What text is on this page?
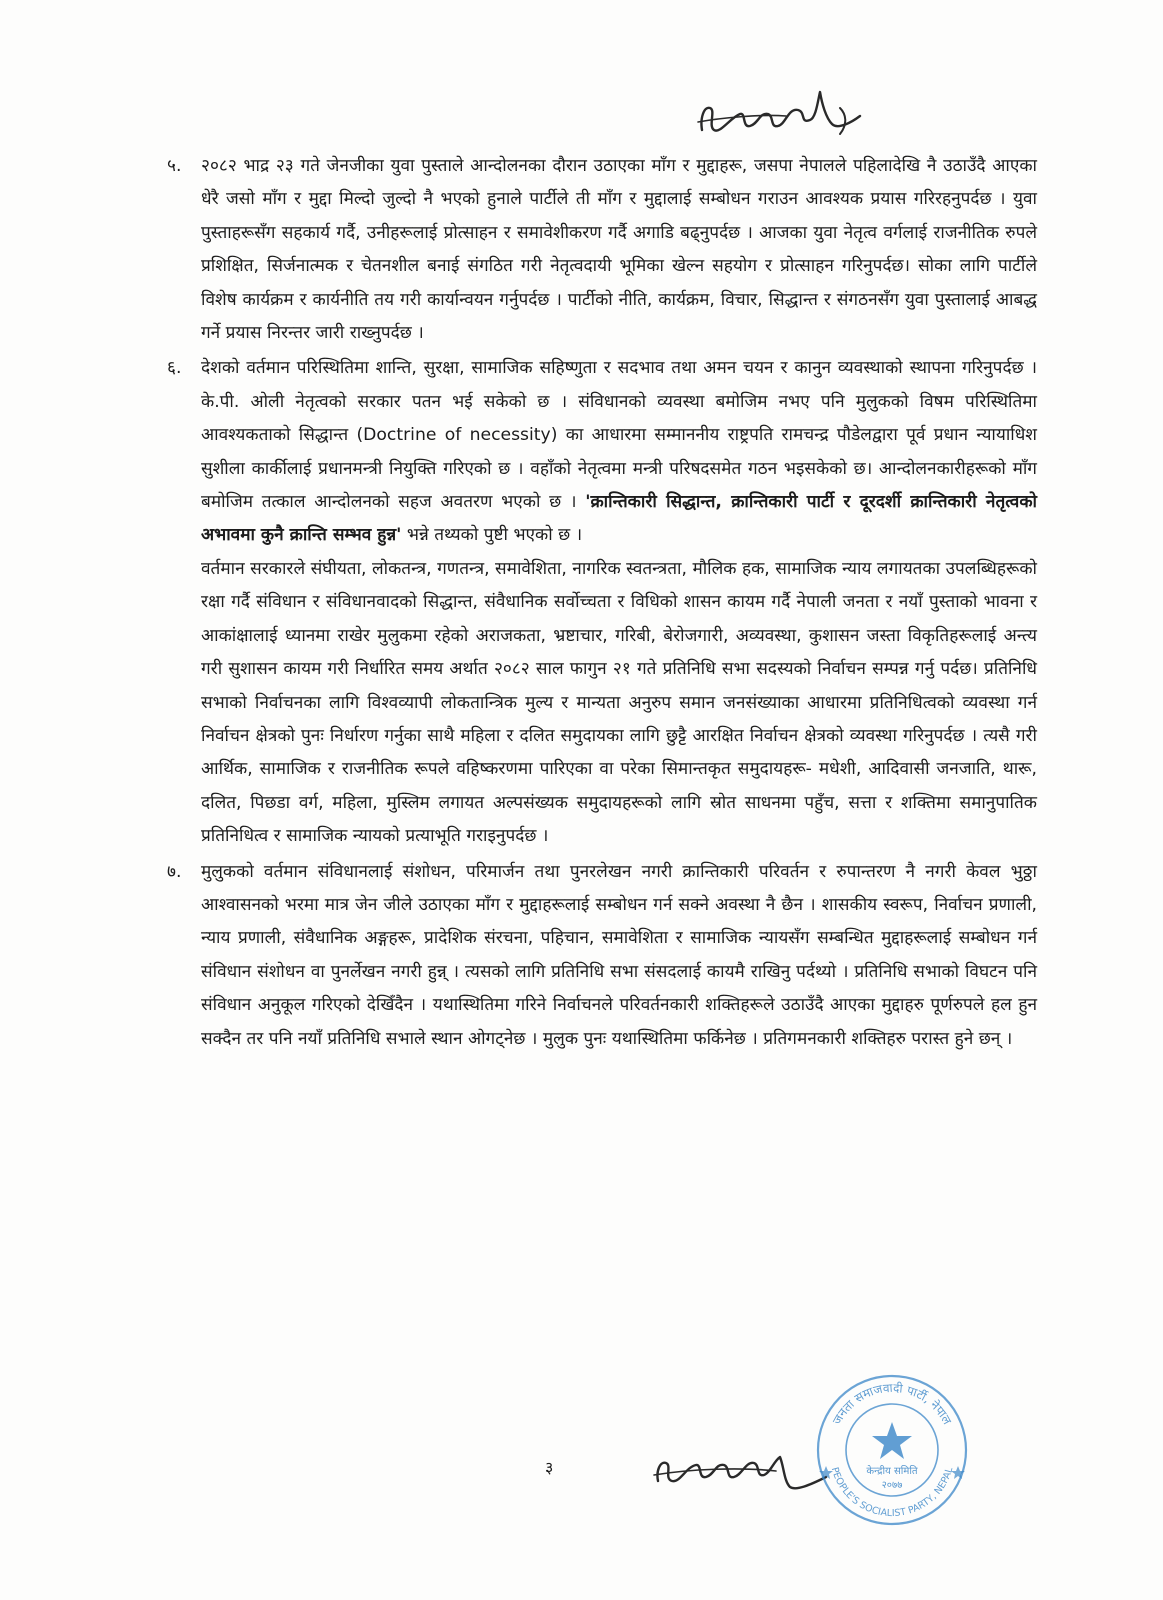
५.	२०८२ भाद्र २३ गते जेनजीका युवा पुस्ताले आन्दोलनका दौरान उठाएका माँग र मुद्दाहरू, जसपा नेपालले पहिलादेखि नै उठाउँदै आएका धेरै जसो माँग र मुद्दा मिल्दो जुल्दो नै भएको हुनाले पार्टीले ती माँग र मुद्दालाई सम्बोधन गराउन आवश्यक प्रयास गरिरहनुपर्दछ । युवा पुस्ताहरूसँग सहकार्य गर्दै, उनीहरूलाई प्रोत्साहन र समावेशीकरण गर्दै अगाडि बढ्नुपर्दछ । आजका युवा नेतृत्व वर्गलाई राजनीतिक रुपले प्रशिक्षित, सिर्जनात्मक र चेतनशील बनाई संगठित गरी नेतृत्वदायी भूमिका खेल्न सहयोग र प्रोत्साहन गरिनुपर्दछ। सोका लागि पार्टीले विशेष कार्यक्रम र कार्यनीति तय गरी कार्यान्वयन गर्नुपर्दछ । पार्टीको नीति, कार्यक्रम, विचार, सिद्धान्त र संगठनसँग युवा पुस्तालाई आबद्ध गर्ने प्रयास निरन्तर जारी राख्नुपर्दछ ।
६.	देशको वर्तमान परिस्थितिमा शान्ति, सुरक्षा, सामाजिक सहिष्णुता र सदभाव तथा अमन चयन र कानुन व्यवस्थाको स्थापना गरिनुपर्दछ । के.पी. ओली नेतृत्वको सरकार पतन भई सकेको छ । संविधानको व्यवस्था बमोजिम नभए पनि मुलुकको विषम परिस्थितिमा आवश्यकताको सिद्धान्त (Doctrine of necessity) का आधारमा सम्माननीय राष्ट्रपति रामचन्द्र पौडेलद्वारा पूर्व प्रधान न्यायाधिश सुशीला कार्कीलाई प्रधानमन्त्री नियुक्ति गरिएको छ । वहाँको नेतृत्वमा मन्त्री परिषदसमेत गठन भइसकेको छ। आन्दोलनकारीहरूको माँग बमोजिम तत्काल आन्दोलनको सहज अवतरण भएको छ । 'क्रान्तिकारी सिद्धान्त, क्रान्तिकारी पार्टी र दूरदर्शी क्रान्तिकारी नेतृत्वको अभावमा कुनै क्रान्ति सम्भव हुन्न' भन्ने तथ्यको पुष्टी भएको छ ।
वर्तमान सरकारले संघीयता, लोकतन्त्र, गणतन्त्र, समावेशिता, नागरिक स्वतन्त्रता, मौलिक हक, सामाजिक न्याय लगायतका उपलब्धिहरूको रक्षा गर्दै संविधान र संविधानवादको सिद्धान्त, संवैधानिक सर्वोच्चता र विधिको शासन कायम गर्दै नेपाली जनता र नयाँ पुस्ताको भावना र आकांक्षालाई ध्यानमा राखेर मुलुकमा रहेको अराजकता, भ्रष्टाचार, गरिबी, बेरोजगारी, अव्यवस्था, कुशासन जस्ता विकृतिहरूलाई अन्त्य गरी सुशासन कायम गरी निर्धारित समय अर्थात २०८२ साल फागुन २१ गते प्रतिनिधि सभा सदस्यको निर्वाचन सम्पन्न गर्नु पर्दछ। प्रतिनिधि सभाको निर्वाचनका लागि विश्वव्यापी लोकतान्त्रिक मुल्य र मान्यता अनुरुप समान जनसंख्याका आधारमा प्रतिनिधित्वको व्यवस्था गर्न निर्वाचन क्षेत्रको पुनः निर्धारण गर्नुका साथै महिला र दलित समुदायका लागि छुट्टै आरक्षित निर्वाचन क्षेत्रको व्यवस्था गरिनुपर्दछ । त्यसै गरी आर्थिक, सामाजिक र राजनीतिक रूपले वहिष्करणमा पारिएका वा परेका सिमान्तकृत समुदायहरू- मधेशी, आदिवासी जनजाति, थारू, दलित, पिछडा वर्ग, महिला, मुस्लिम लगायत अल्पसंख्यक समुदायहरूको लागि स्रोत साधनमा पहुँच, सत्ता र शक्तिमा समानुपातिक प्रतिनिधित्व र सामाजिक न्यायको प्रत्याभूति गराइनुपर्दछ ।
७.	मुलुकको वर्तमान संविधानलाई संशोधन, परिमार्जन तथा पुनरलेखन नगरी क्रान्तिकारी परिवर्तन र रुपान्तरण नै नगरी केवल भुठ्ठा आश्वासनको भरमा मात्र जेन जीले उठाएका माँग र मुद्दाहरूलाई सम्बोधन गर्न सक्ने अवस्था नै छैन । शासकीय स्वरूप, निर्वाचन प्रणाली, न्याय प्रणाली, संवैधानिक अङ्गहरू, प्रादेशिक संरचना, पहिचान, समावेशिता र सामाजिक न्यायसँग सम्बन्धित मुद्दाहरूलाई सम्बोधन गर्न संविधान संशोधन वा पुनर्लेखन नगरी हुन्न् । त्यसको लागि प्रतिनिधि सभा संसदलाई कायमै राखिनु पर्दथ्यो । प्रतिनिधि सभाको विघटन पनि संविधान अनुकूल गरिएको देखिँदैन । यथास्थितिमा गरिने निर्वाचनले परिवर्तनकारी शक्तिहरूले उठाउँदै आएका मुद्दाहरु पूर्णरुपले हल हुन सक्दैन तर पनि नयाँ प्रतिनिधि सभाले स्थान ओगट्नेछ । मुलुक पुनः यथास्थितिमा फर्किनेछ । प्रतिगमनकारी शक्तिहरु परास्त हुने छन् ।
३
जनता समाजवादी पार्टी, नेपाल
PEOPLE'S SOCIALIST PARTY, NEPAL
केन्द्रीय समिति
२०७७
